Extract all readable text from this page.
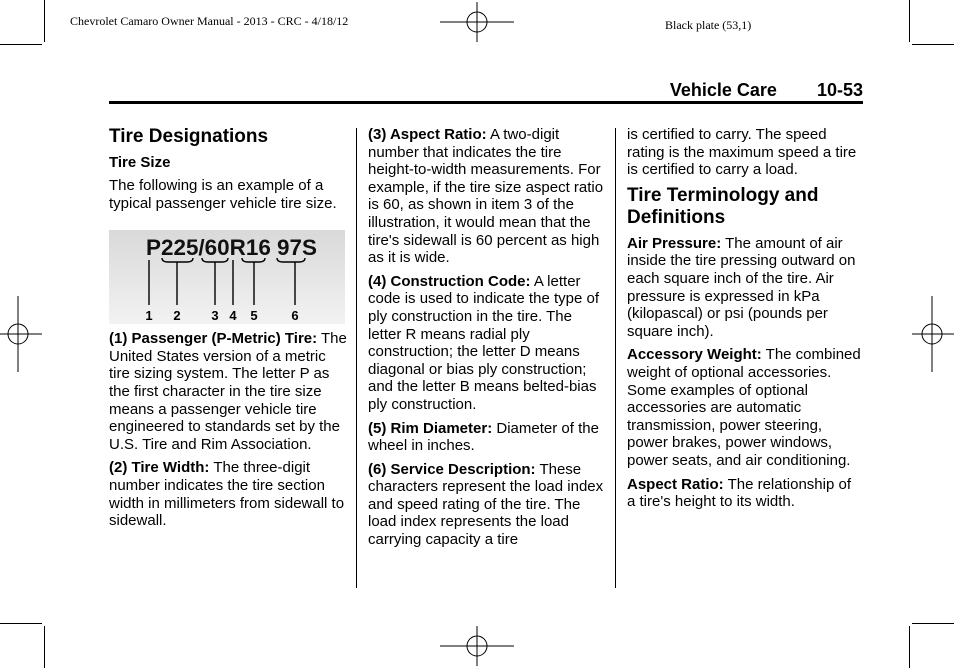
Chevrolet Camaro Owner Manual - 2013 - CRC - 4/18/12	Black plate (53,1)
Vehicle Care 10-53
Tire Designations
Tire Size

The following is an example of a typical passenger vehicle tire size.

P225/60R16 97S
1 2 3 4 5	6

(1) Passenger (P-Metric) Tire: The United States version of a metric tire sizing system. The letter P as the first character in the tire size means a passenger vehicle tire engineered to standards set by the U.S. Tire and Rim Association.

(2) Tire Width: The three-digit number indicates the tire section width in millimeters from sidewall to sidewall.

(3) Aspect Ratio: A two-digit number that indicates the tire height-to-width measurements. For example, if the tire size aspect ratio is 60, as shown in item 3 of the illustration, it would mean that the tire's sidewall is 60 percent as high as it is wide.

(4) Construction Code: A letter code is used to indicate the type of ply construction in the tire. The letter R means radial ply construction; the letter D means diagonal or bias ply construction; and the letter B means belted-bias ply construction.

(5) Rim Diameter: Diameter of the wheel in inches.

(6) Service Description: These characters represent the load index and speed rating of the tire. The load index represents the load carrying capacity a tire

is certified to carry. The speed rating is the maximum speed a tire is certified to carry a load.

Tire Terminology and Definitions

Air Pressure: The amount of air inside the tire pressing outward on each square inch of the tire. Air pressure is expressed in kPa (kilopascal) or psi (pounds per square inch).

Accessory Weight: The combined weight of optional accessories. Some examples of optional accessories are automatic transmission, power steering, power brakes, power windows, power seats, and air conditioning.

Aspect Ratio: The relationship of a tire's height to its width.
